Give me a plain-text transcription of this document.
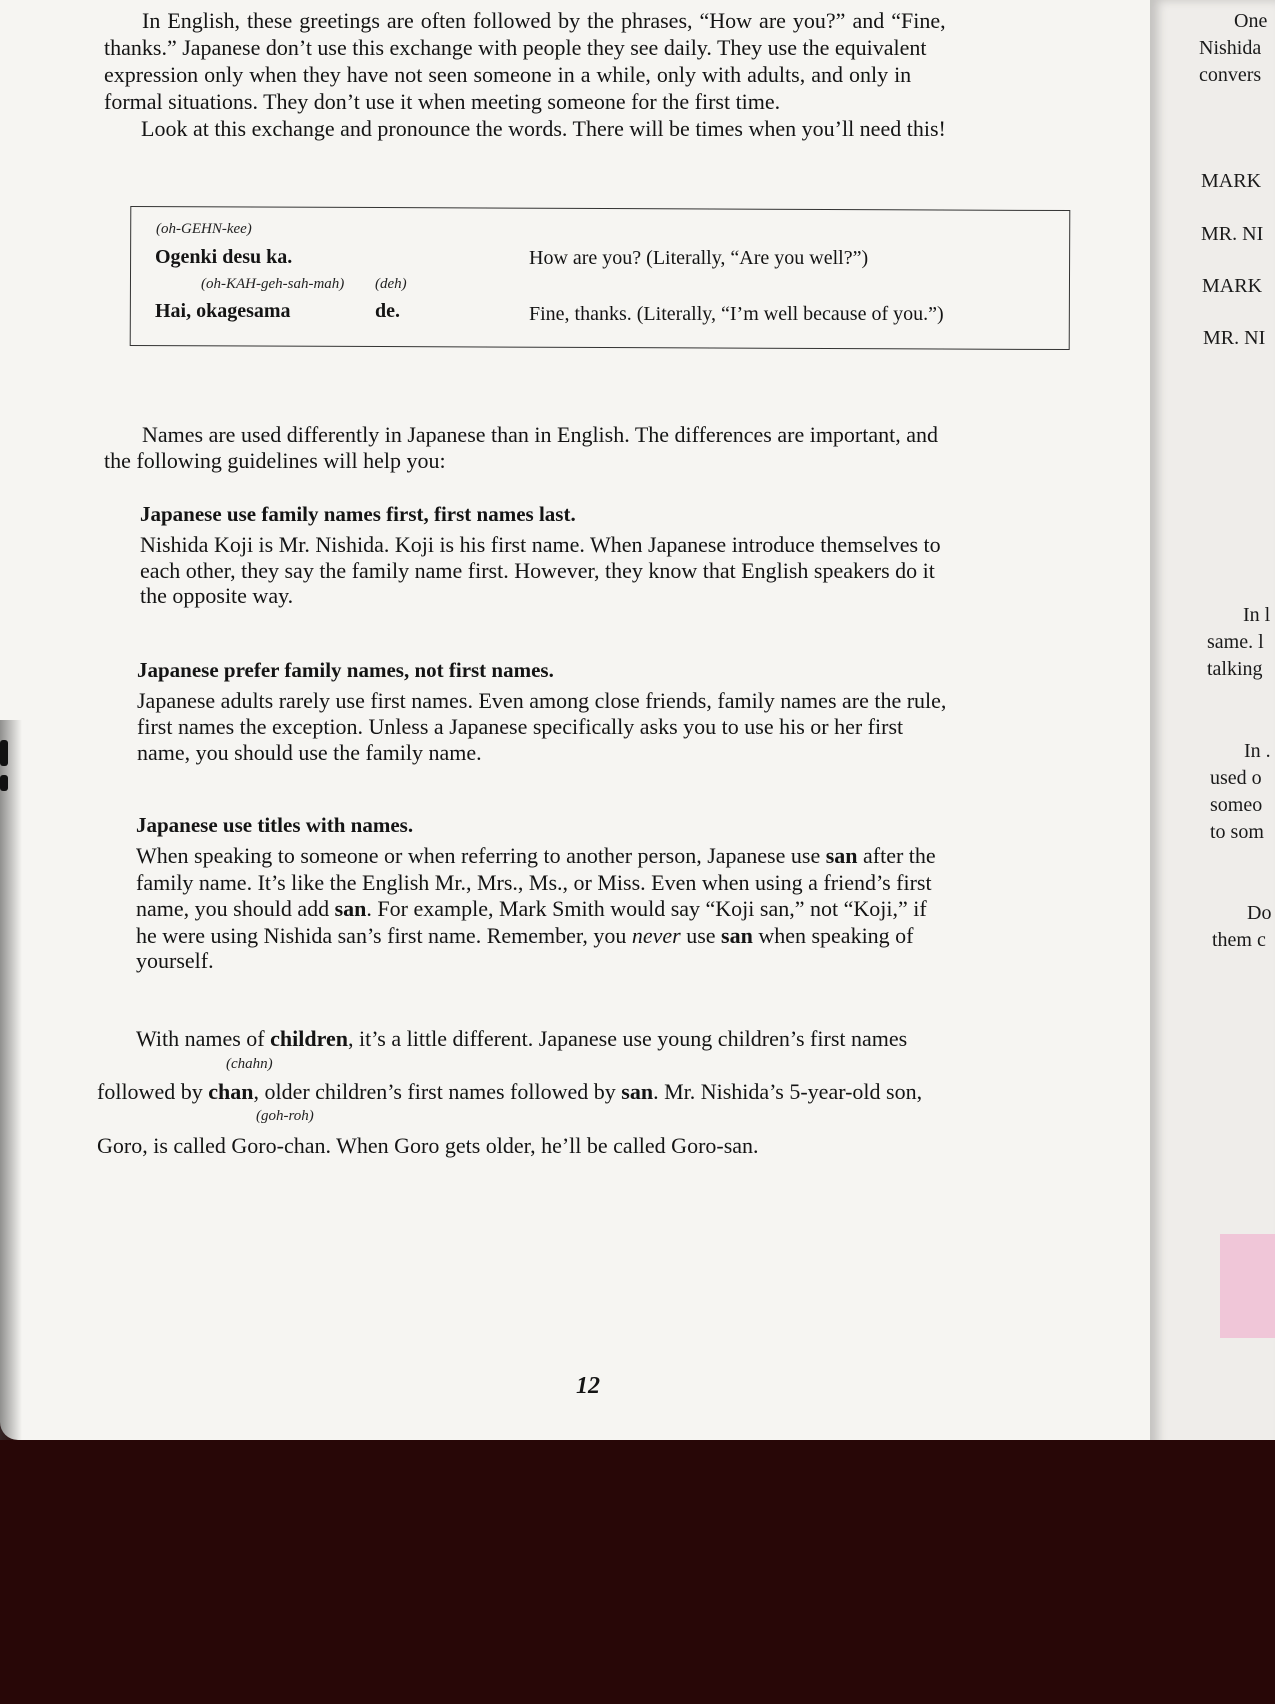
In English, these greetings are often followed by the phrases, “How are you?” and “Fine,
thanks.” Japanese don’t use this exchange with people they see daily. They use the equivalent
expression only when they have not seen someone in a while, only with adults, and only in
formal situations. They don’t use it when meeting someone for the first time.
Look at this exchange and pronounce the words. There will be times when you’ll need this!
(oh-GEHN-kee)
Ogenki desu ka.	How are you? (Literally, “Are you well?”)
(oh-KAH-geh-sah-mah) (deh)
Hai, okagesama	de.	Fine, thanks. (Literally, “I’m well because of you.”)
Names are used differently in Japanese than in English. The differences are important, and
the following guidelines will help you:
Japanese use family names first, first names last.
Nishida Koji is Mr. Nishida. Koji is his first name. When Japanese introduce themselves to
each other, they say the family name first. However, they know that English speakers do it
the opposite way.
Japanese prefer family names, not first names.
Japanese adults rarely use first names. Even among close friends, family names are the rule,
first names the exception. Unless a Japanese specifically asks you to use his or her first
name, you should use the family name.
Japanese use titles with names.
When speaking to someone or when referring to another person, Japanese use san after the
family name. It’s like the English Mr., Mrs., Ms., or Miss. Even when using a friend’s first
name, you should add san. For example, Mark Smith would say “Koji san,” not “Koji,” if
he were using Nishida san’s first name. Remember, you never use san when speaking of
yourself.
With names of children, it’s a little different. Japanese use young children’s first names
(chahn)
followed by chan, older children’s first names followed by san. Mr. Nishida’s 5-year-old son,
(goh-roh)
Goro, is called Goro-chan. When Goro gets older, he’ll be called Goro-san.
12
One
Nishida
convers
MARK
MR. NI
MARK
MR. NI
In l
same. l
talking
In .
used o
someo
to som
Do
them c
